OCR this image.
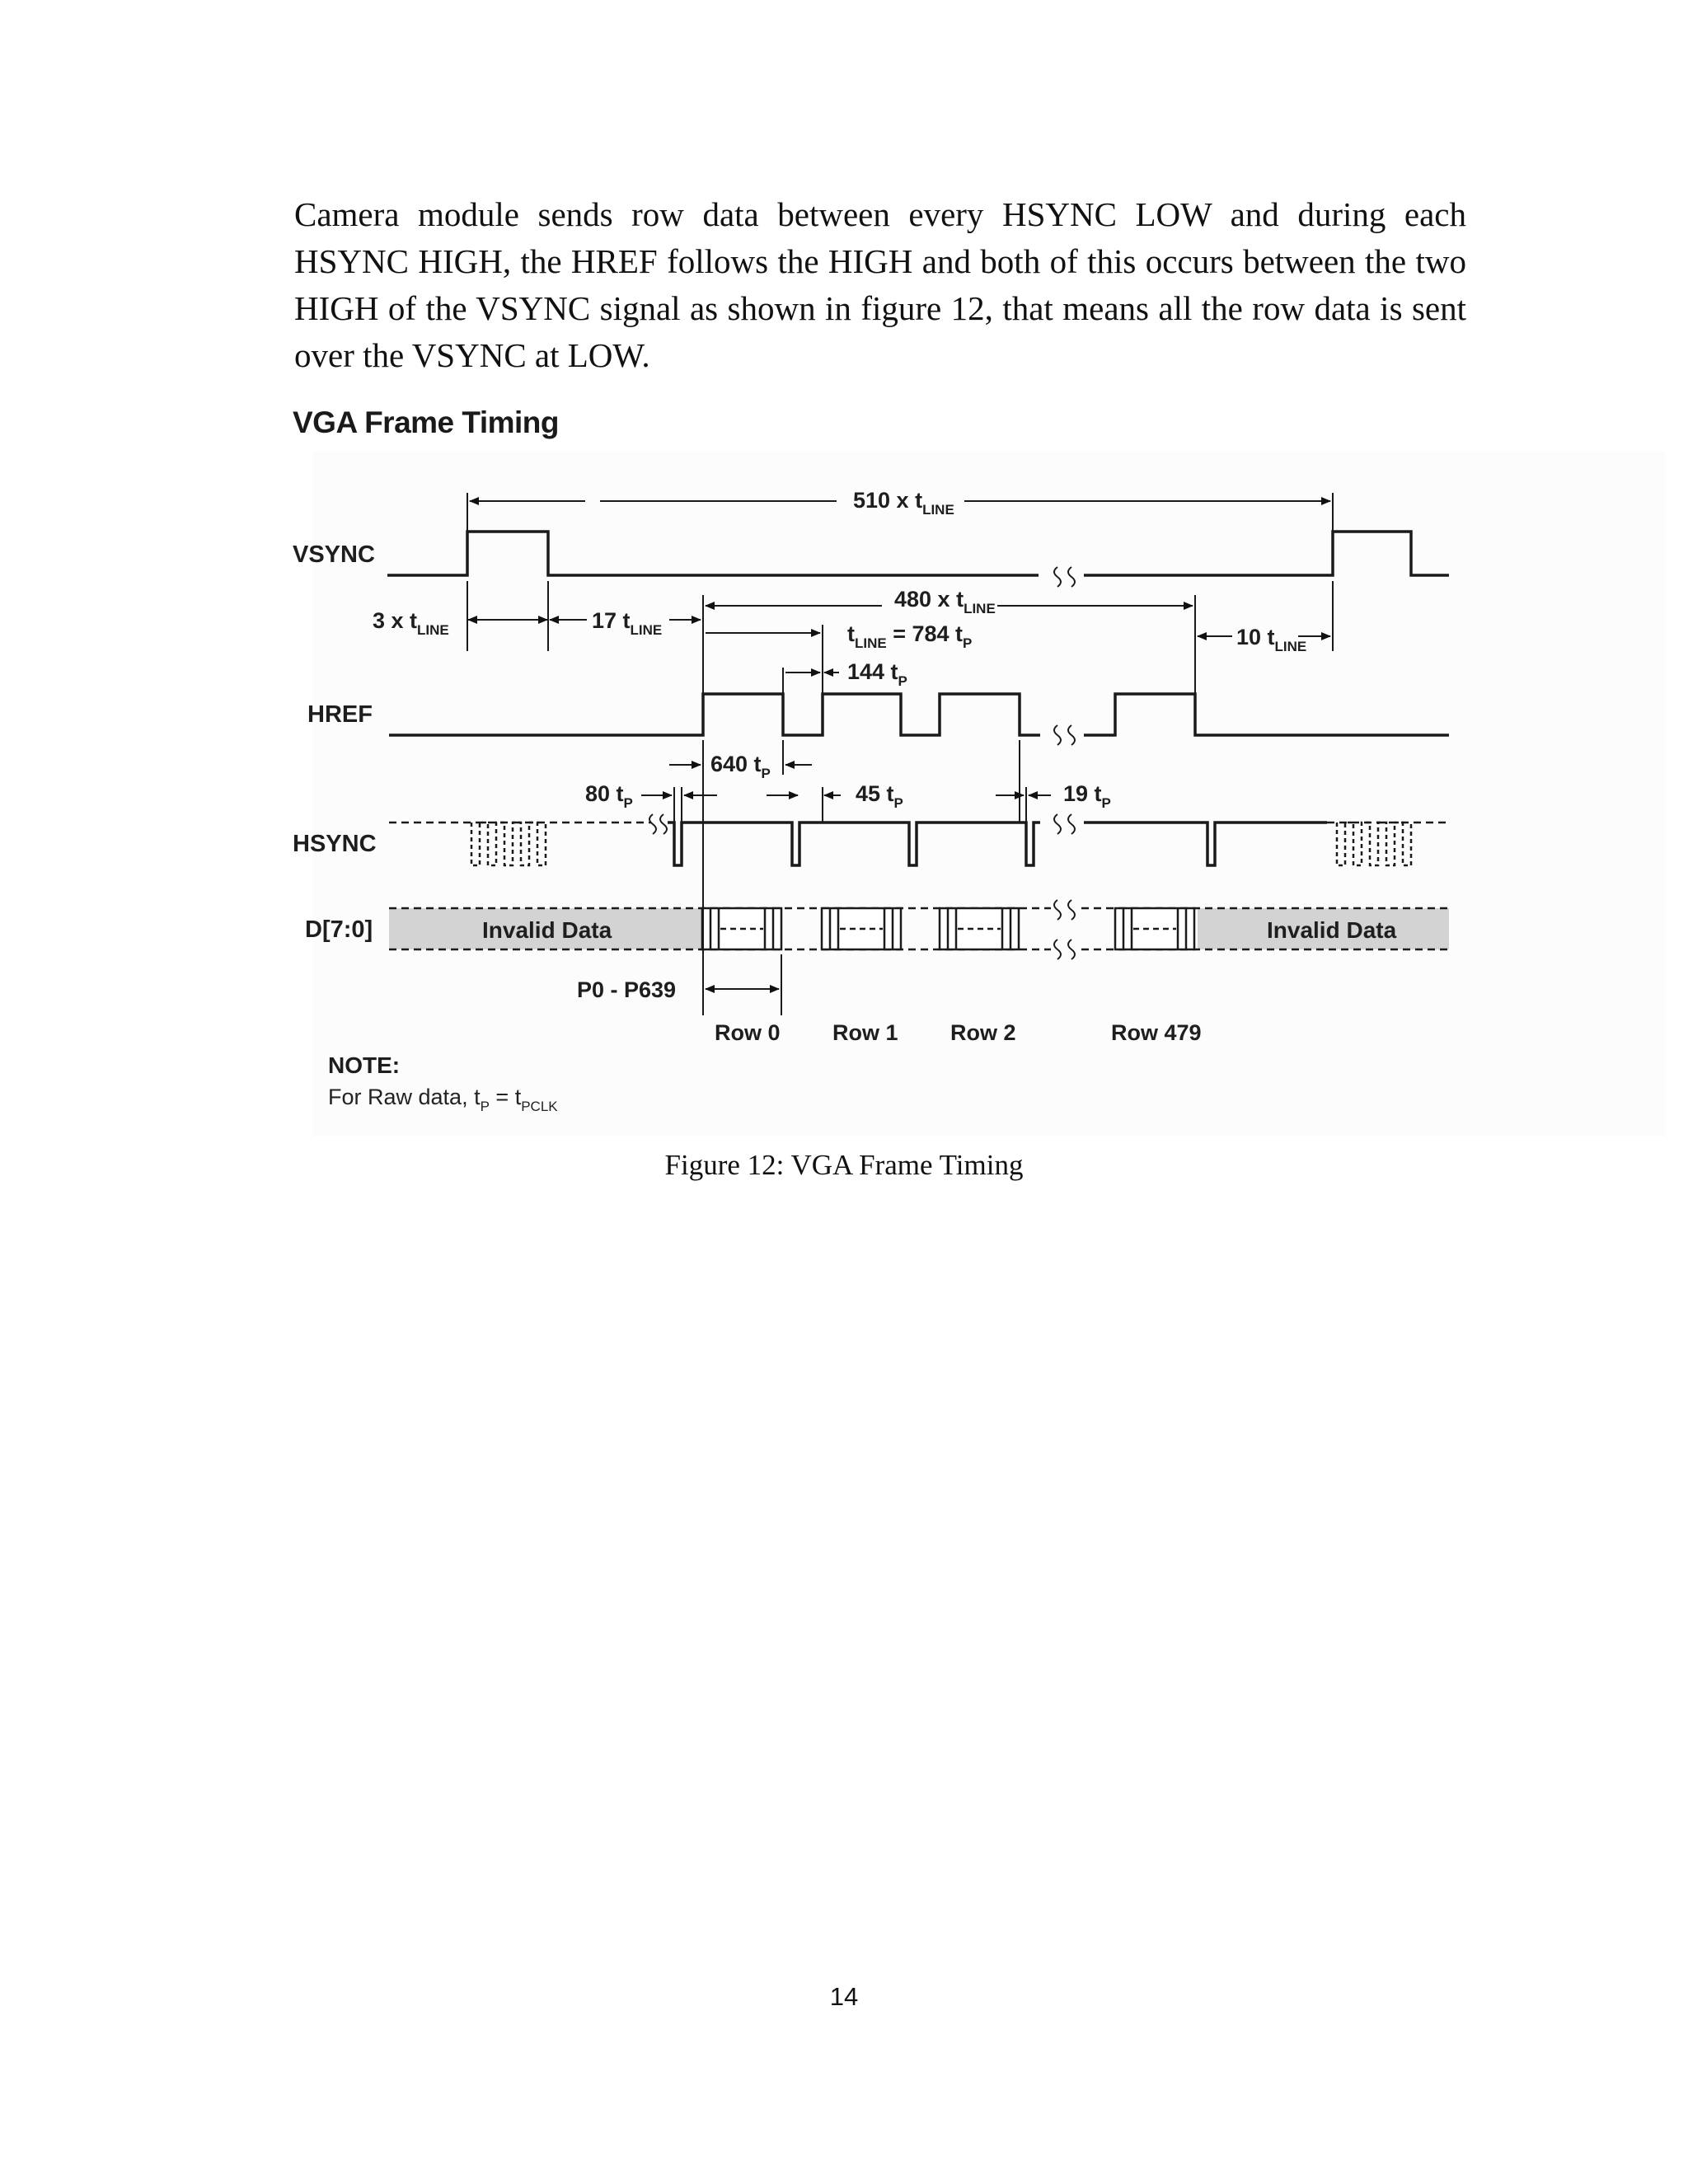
Camera module sends row data between every HSYNC LOW and during each HSYNC HIGH, the HREF follows the HIGH and both of this occurs between the two HIGH of the VSYNC signal as shown in figure 12, that means all the row data is sent over the VSYNC at LOW.

VGA Frame Timing

VSYNC
HREF
HSYNC
D[7:0]	Invalid Data	Invalid Data
510 x $t_{LINE}$
3 x $t_{LINE}$	17 $t_{LINE}$
480 x $t_{LINE}$
$t_{LINE} = 784$ $t_P$	10 $t_{LINE}$
144 $t_P$
640 $t_P$
80 $t_P$	45 $t_P$	19 $t_P$
P0 - P639
Row 0 Row 1 Row 2	Row 479
NOTE:
For Raw data, $t_P = t_{PCLK}$

Figure 12: VGA Frame Timing

14
